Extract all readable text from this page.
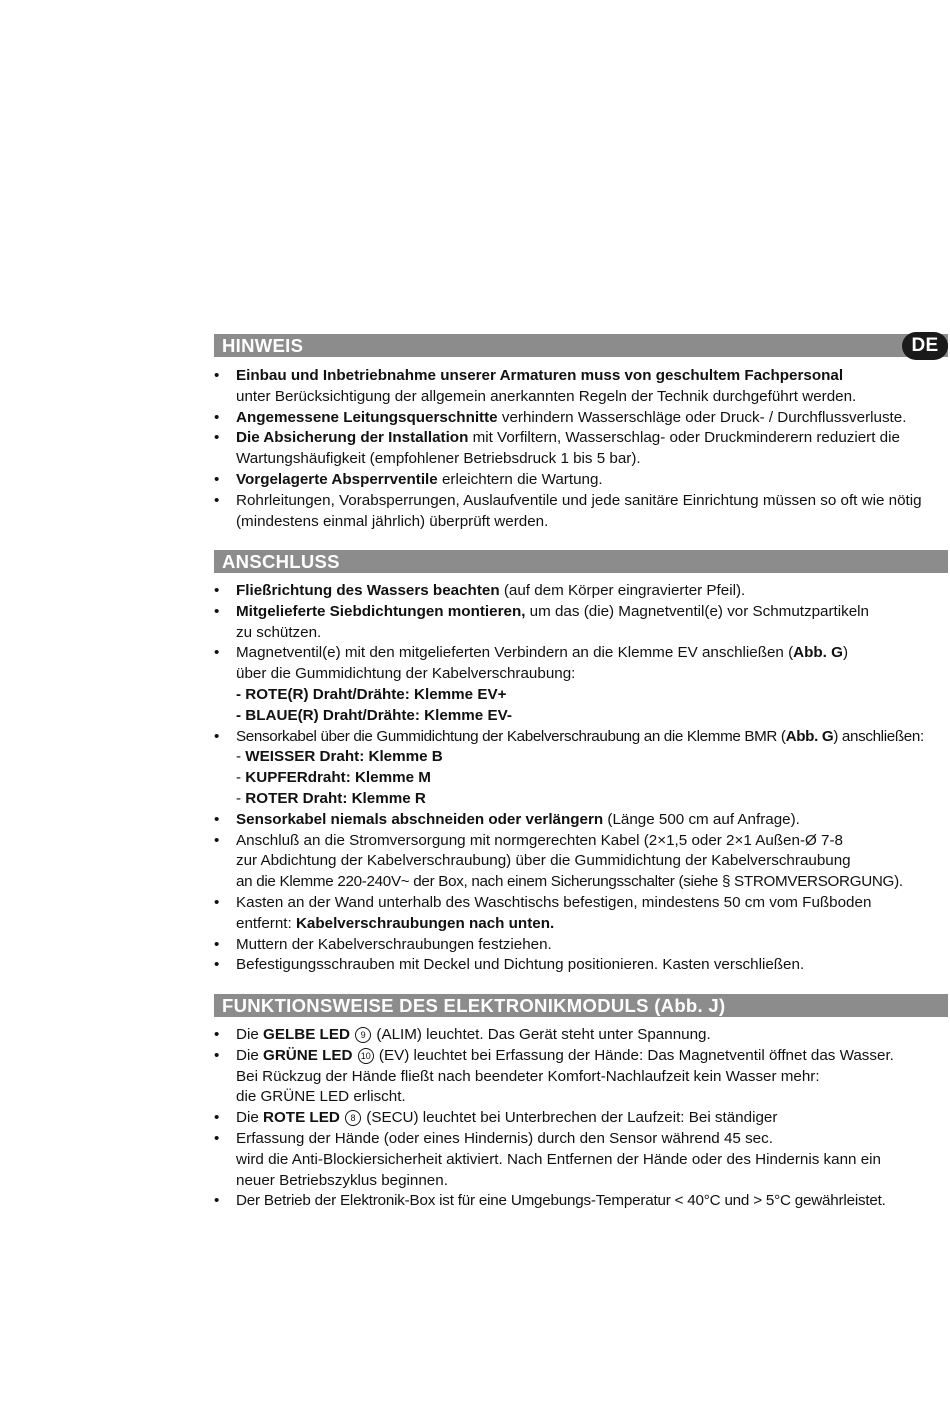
HINWEIS	DE
• Einbau und Inbetriebnahme unserer Armaturen muss von geschultem Fachpersonal
unter Berücksichtigung der allgemein anerkannten Regeln der Technik durchgeführt werden.
• Angemessene Leitungsquerschnitte verhindern Wasserschläge oder Druck- / Durchflussverluste.
• Die Absicherung der Installation mit Vorfiltern, Wasserschlag- oder Druckminderern reduziert die
Wartungshäufigkeit (empfohlener Betriebsdruck 1 bis 5 bar).
• Vorgelagerte Absperrventile erleichtern die Wartung.
• Rohrleitungen, Vorabsperrungen, Auslaufventile und jede sanitäre Einrichtung müssen so oft wie nötig
(mindestens einmal jährlich) überprüft werden.
ANSCHLUSS
• Fließrichtung des Wassers beachten (auf dem Körper eingravierter Pfeil).
• Mitgelieferte Siebdichtungen montieren, um das (die) Magnetventil(e) vor Schmutzpartikeln
zu schützen.
• Magnetventil(e) mit den mitgelieferten Verbindern an die Klemme EV anschließen (Abb. G)
über die Gummidichtung der Kabelverschraubung:
- ROTE(R) Draht/Drähte: Klemme EV+
- BLAUE(R) Draht/Drähte: Klemme EV-
• Sensorkabel über die Gummidichtung der Kabelverschraubung an die Klemme BMR (Abb. G) anschließen:
- WEISSER Draht: Klemme B
- KUPFERdraht: Klemme M
- ROTER Draht: Klemme R
• Sensorkabel niemals abschneiden oder verlängern (Länge 500 cm auf Anfrage).
• Anschluß an die Stromversorgung mit normgerechten Kabel (2×1,5 oder 2×1 Außen-Ø 7-8
zur Abdichtung der Kabelverschraubung) über die Gummidichtung der Kabelverschraubung
an die Klemme 220-240V~ der Box, nach einem Sicherungsschalter (siehe § STROMVERSORGUNG).
• Kasten an der Wand unterhalb des Waschtischs befestigen, mindestens 50 cm vom Fußboden
entfernt: Kabelverschraubungen nach unten.
• Muttern der Kabelverschraubungen festziehen.
• Befestigungsschrauben mit Deckel und Dichtung positionieren. Kasten verschließen.
FUNKTIONSWEISE DES ELEKTRONIKMODULS (Abb. J)
• Die GELBE LED 9 (ALIM) leuchtet. Das Gerät steht unter Spannung.
• Die GRÜNE LED 10 (EV) leuchtet bei Erfassung der Hände: Das Magnetventil öffnet das Wasser.
Bei Rückzug der Hände fließt nach beendeter Komfort-Nachlaufzeit kein Wasser mehr:
die GRÜNE LED erlischt.
• Die ROTE LED 8 (SECU) leuchtet bei Unterbrechen der Laufzeit: Bei ständiger
• Erfassung der Hände (oder eines Hindernis) durch den Sensor während 45 sec.
wird die Anti-Blockiersicherheit aktiviert. Nach Entfernen der Hände oder des Hindernis kann ein
neuer Betriebszyklus beginnen.
• Der Betrieb der Elektronik-Box ist für eine Umgebungs-Temperatur < 40°C und > 5°C gewährleistet.
